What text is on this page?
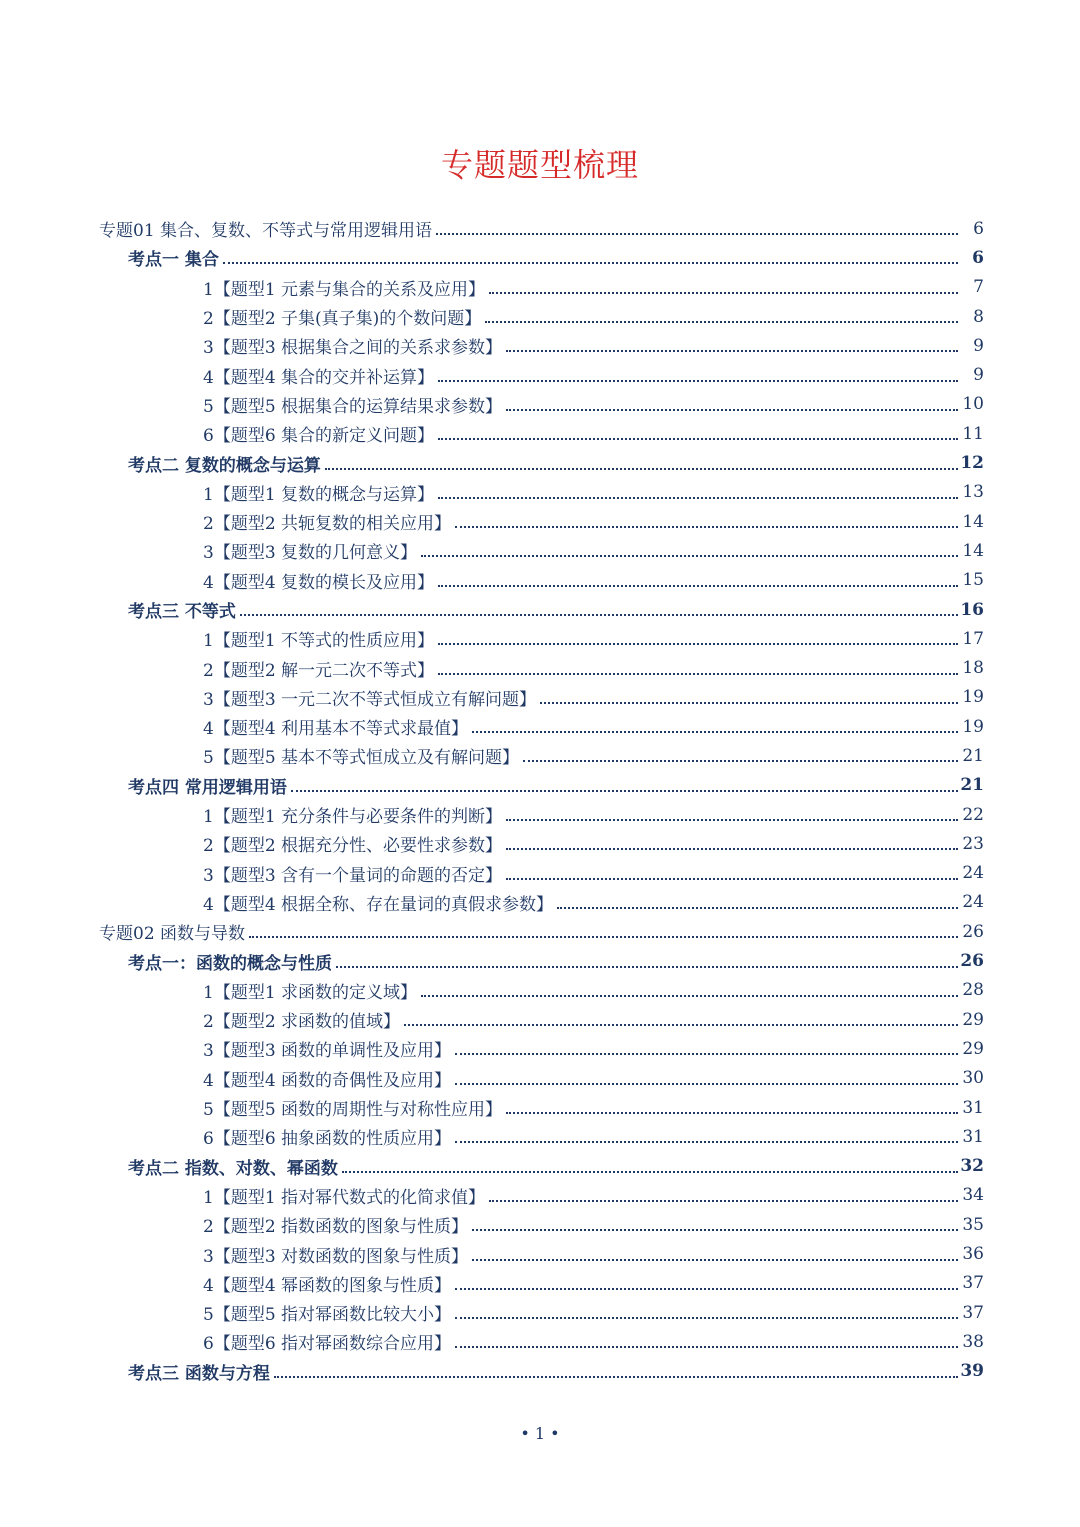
专题题型梳理
专题01 集合、复数、不等式与常用逻辑用语	6
考点一 集合	6
1【题型1 元素与集合的关系及应用】	7
2【题型2 子集(真子集)的个数问题】	8
3【题型3 根据集合之间的关系求参数】	9
4【题型4 集合的交并补运算】	9
5【题型5 根据集合的运算结果求参数】	10
6【题型6 集合的新定义问题】	11
考点二 复数的概念与运算	12
1【题型1 复数的概念与运算】	13
2【题型2 共轭复数的相关应用】	14
3【题型3 复数的几何意义】	14
4【题型4 复数的模长及应用】	15
考点三 不等式	16
1【题型1 不等式的性质应用】	17
2【题型2 解一元二次不等式】	18
3【题型3 一元二次不等式恒成立有解问题】	19
4【题型4 利用基本不等式求最值】	19
5【题型5 基本不等式恒成立及有解问题】	21
考点四 常用逻辑用语	21
1【题型1 充分条件与必要条件的判断】	22
2【题型2 根据充分性、必要性求参数】	23
3【题型3 含有一个量词的命题的否定】	24
4【题型4 根据全称、存在量词的真假求参数】	24
专题02 函数与导数	26
考点一：函数的概念与性质	26
1【题型1 求函数的定义域】	28
2【题型2 求函数的值域】	29
3【题型3 函数的单调性及应用】	29
4【题型4 函数的奇偶性及应用】	30
5【题型5 函数的周期性与对称性应用】	31
6【题型6 抽象函数的性质应用】	31
考点二 指数、对数、幂函数	32
1【题型1 指对幂代数式的化简求值】	34
2【题型2 指数函数的图象与性质】	35
3【题型3 对数函数的图象与性质】	36
4【题型4 幂函数的图象与性质】	37
5【题型5 指对幂函数比较大小】	37
6【题型6 指对幂函数综合应用】	38
考点三 函数与方程	39
• 1 •
